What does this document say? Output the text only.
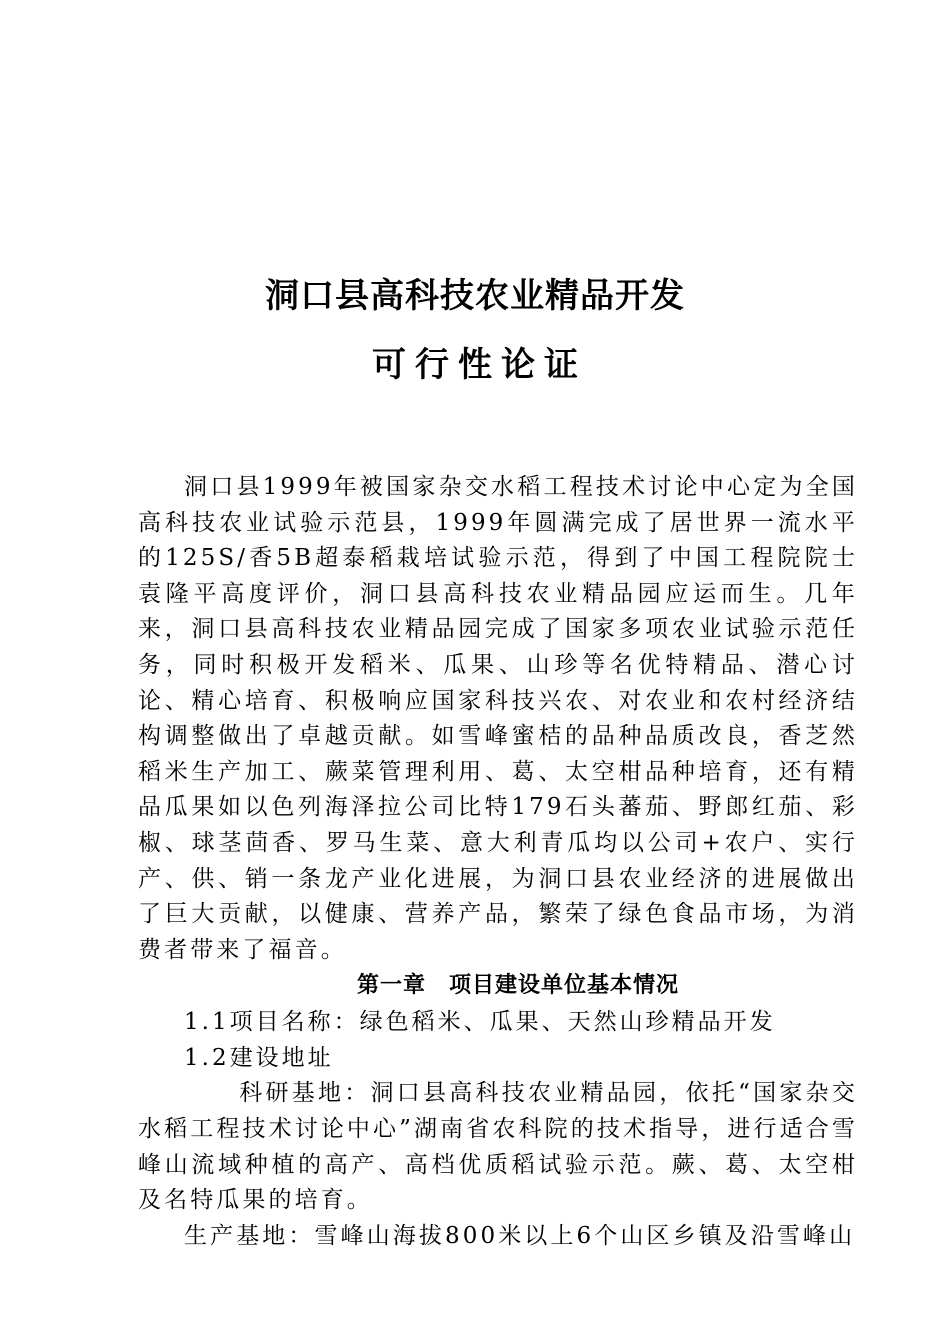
洞口县高科技农业精品开发
可行性论证

洞口县1999年被国家杂交水稻工程技术讨论中心定为全国高科技农业试验示范县，1999年圆满完成了居世界一流水平的125S/香5B超泰稻栽培试验示范，得到了中国工程院院士袁隆平高度评价，洞口县高科技农业精品园应运而生。几年来，洞口县高科技农业精品园完成了国家多项农业试验示范任务，同时积极开发稻米、瓜果、山珍等名优特精品、潜心讨论、精心培育、积极响应国家科技兴农、对农业和农村经济结构调整做出了卓越贡献。如雪峰蜜桔的品种品质改良，香芝然稻米生产加工、蕨菜管理利用、葛、太空柑品种培育，还有精品瓜果如以色列海泽拉公司比特179石头蕃茄、野郎红茄、彩椒、球茎茴香、罗马生菜、意大利青瓜均以公司+农户、实行产、供、销一条龙产业化进展，为洞口县农业经济的进展做出了巨大贡献，以健康、营养产品，繁荣了绿色食品市场，为消费者带来了福音。

第一章　项目建设单位基本情况

1.1项目名称：绿色稻米、瓜果、天然山珍精品开发

1.2建设地址

科研基地：洞口县高科技农业精品园，依托“国家杂交水稻工程技术讨论中心”湖南省农科院的技术指导，进行适合雪峰山流域种植的高产、高档优质稻试验示范。蕨、葛、太空柑及名特瓜果的培育。

生产基地：雪峰山海拔800米以上6个山区乡镇及沿雪峰山
